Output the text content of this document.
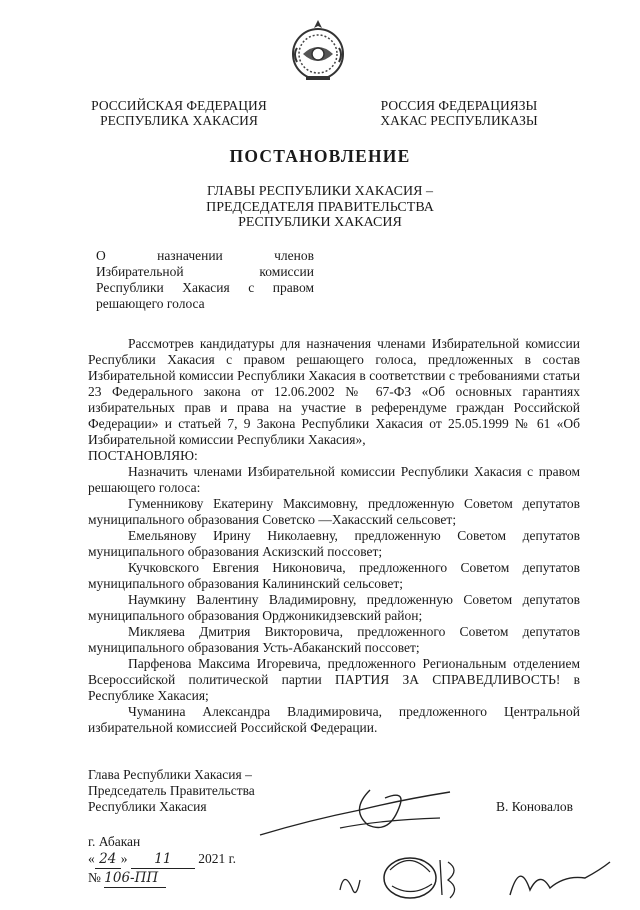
РОССИЙСКАЯ ФЕДЕРАЦИЯ
РЕСПУБЛИКА ХАКАСИЯ
РОССИЯ ФЕДЕРАЦИЯЗЫ
ХАКАС РЕСПУБЛИКАЗЫ
ПОСТАНОВЛЕНИЕ
ГЛАВЫ РЕСПУБЛИКИ ХАКАСИЯ –
ПРЕДСЕДАТЕЛЯ ПРАВИТЕЛЬСТВА
РЕСПУБЛИКИ ХАКАСИЯ
О назначении членов
Избирательной комиссии
Республики Хакасия с правом
решающего голоса

Рассмотрев кандидатуры для назначения членами Избирательной комиссии Республики Хакасия с правом решающего голоса, предложенных в состав Избирательной комиссии Республики Хакасия в соответствии с требованиями статьи 23 Федерального закона от 12.06.2002 № 67-ФЗ «Об основных гарантиях избирательных прав и права на участие в референдуме граждан Российской Федерации» и статьей 7, 9 Закона Республики Хакасия от 25.05.1999 № 61 «Об Избирательной комиссии Республики Хакасия»,

ПОСТАНОВЛЯЮ:

Назначить членами Избирательной комиссии Республики Хакасия с правом решающего голоса:

Гуменникову Екатерину Максимовну, предложенную Советом депутатов муниципального образования Советско —Хакасский сельсовет;

Емельянову Ирину Николаевну, предложенную Советом депутатов муниципального образования Аскизский поссовет;

Кучковского Евгения Никоновича, предложенного Советом депутатов муниципального образования Калининский сельсовет;

Наумкину Валентину Владимировну, предложенную Советом депутатов муниципального образования Орджоникидзевский район;

Микляева Дмитрия Викторовича, предложенного Советом депутатов муниципального образования Усть-Абаканский поссовет;

Парфенова Максима Игоревича, предложенного Региональным отделением Всероссийской политической партии ПАРТИЯ ЗА СПРАВЕДЛИВОСТЬ! в Республике Хакасия;

Чуманина Александра Владимировича, предложенного Центральной избирательной комиссией Российской Федерации.

Глава Республики Хакасия –
Председатель Правительства
Республики Хакасия	В. Коновалов
г. Абакан
« 24 » 11 2021 г.
№ 106-ПП
